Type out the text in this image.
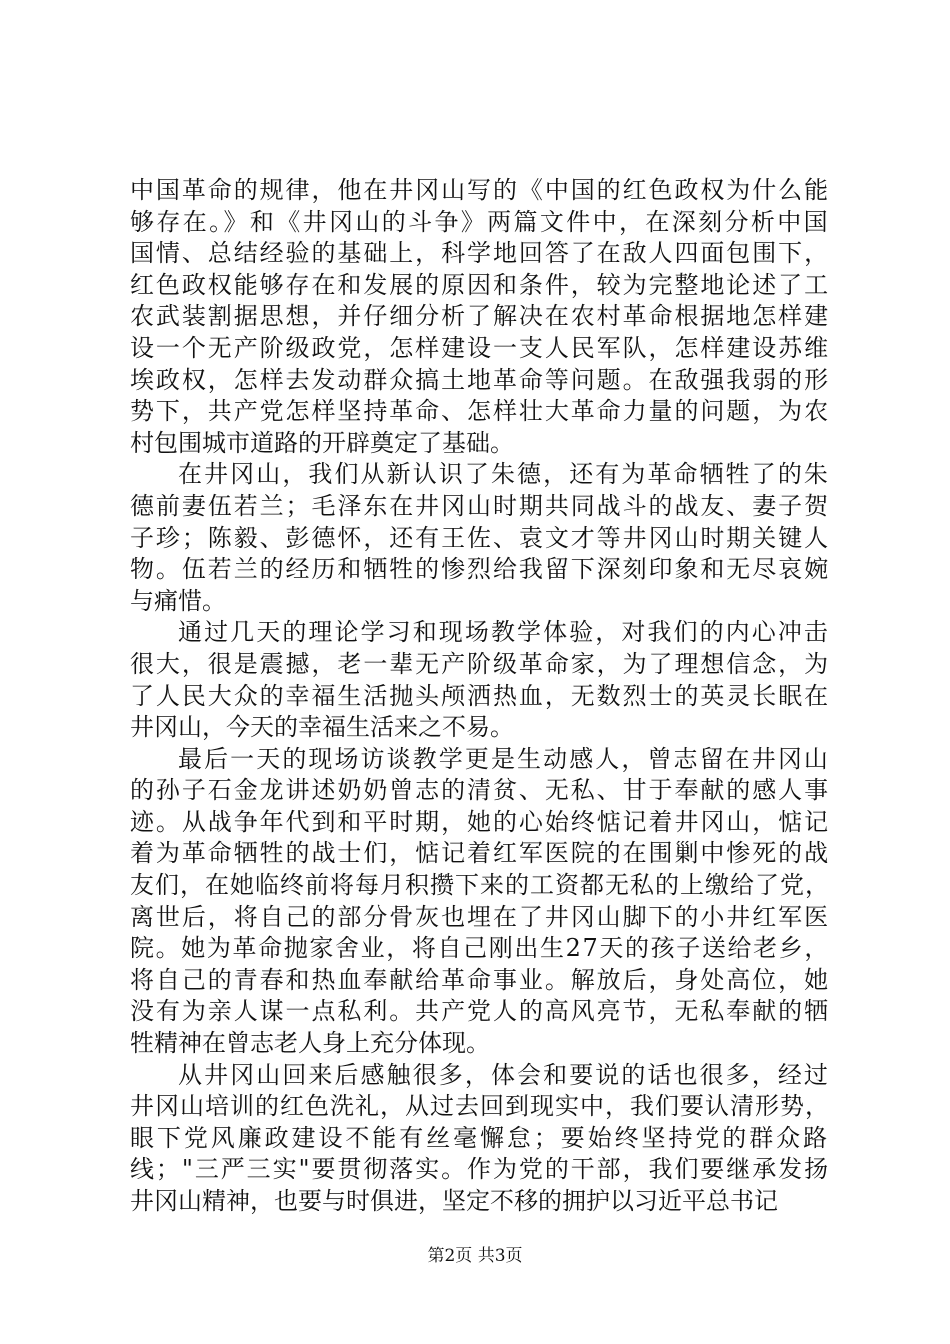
中国革命的规律，他在井冈山写的《中国的红色政权为什么能
够存在。》和《井冈山的斗争》两篇文件中，在深刻分析中国
国情、总结经验的基础上，科学地回答了在敌人四面包围下，
红色政权能够存在和发展的原因和条件，较为完整地论述了工
农武装割据思想，并仔细分析了解决在农村革命根据地怎样建
设一个无产阶级政党，怎样建设一支人民军队，怎样建设苏维
埃政权，怎样去发动群众搞土地革命等问题。在敌强我弱的形
势下，共产党怎样坚持革命、怎样壮大革命力量的问题，为农
村包围城市道路的开辟奠定了基础。
在井冈山，我们从新认识了朱德，还有为革命牺牲了的朱
德前妻伍若兰；毛泽东在井冈山时期共同战斗的战友、妻子贺
子珍；陈毅、彭德怀，还有王佐、袁文才等井冈山时期关键人
物。伍若兰的经历和牺牲的惨烈给我留下深刻印象和无尽哀婉
与痛惜。
通过几天的理论学习和现场教学体验，对我们的内心冲击
很大，很是震撼，老一辈无产阶级革命家，为了理想信念，为
了人民大众的幸福生活抛头颅洒热血，无数烈士的英灵长眠在
井冈山，今天的幸福生活来之不易。
最后一天的现场访谈教学更是生动感人，曾志留在井冈山
的孙子石金龙讲述奶奶曾志的清贫、无私、甘于奉献的感人事
迹。从战争年代到和平时期，她的心始终惦记着井冈山，惦记
着为革命牺牲的战士们，惦记着红军医院的在围剿中惨死的战
友们，在她临终前将每月积攒下来的工资都无私的上缴给了党，
离世后，将自己的部分骨灰也埋在了井冈山脚下的小井红军医
院。她为革命抛家舍业，将自己刚出生27天的孩子送给老乡，
将自己的青春和热血奉献给革命事业。解放后，身处高位，她
没有为亲人谋一点私利。共产党人的高风亮节，无私奉献的牺
牲精神在曾志老人身上充分体现。
从井冈山回来后感触很多，体会和要说的话也很多，经过
井冈山培训的红色洗礼，从过去回到现实中，我们要认清形势，
眼下党风廉政建设不能有丝毫懈怠；要始终坚持党的群众路
线；"三严三实"要贯彻落实。作为党的干部，我们要继承发扬
井冈山精神，也要与时俱进，坚定不移的拥护以习近平总书记
第2页 共3页
